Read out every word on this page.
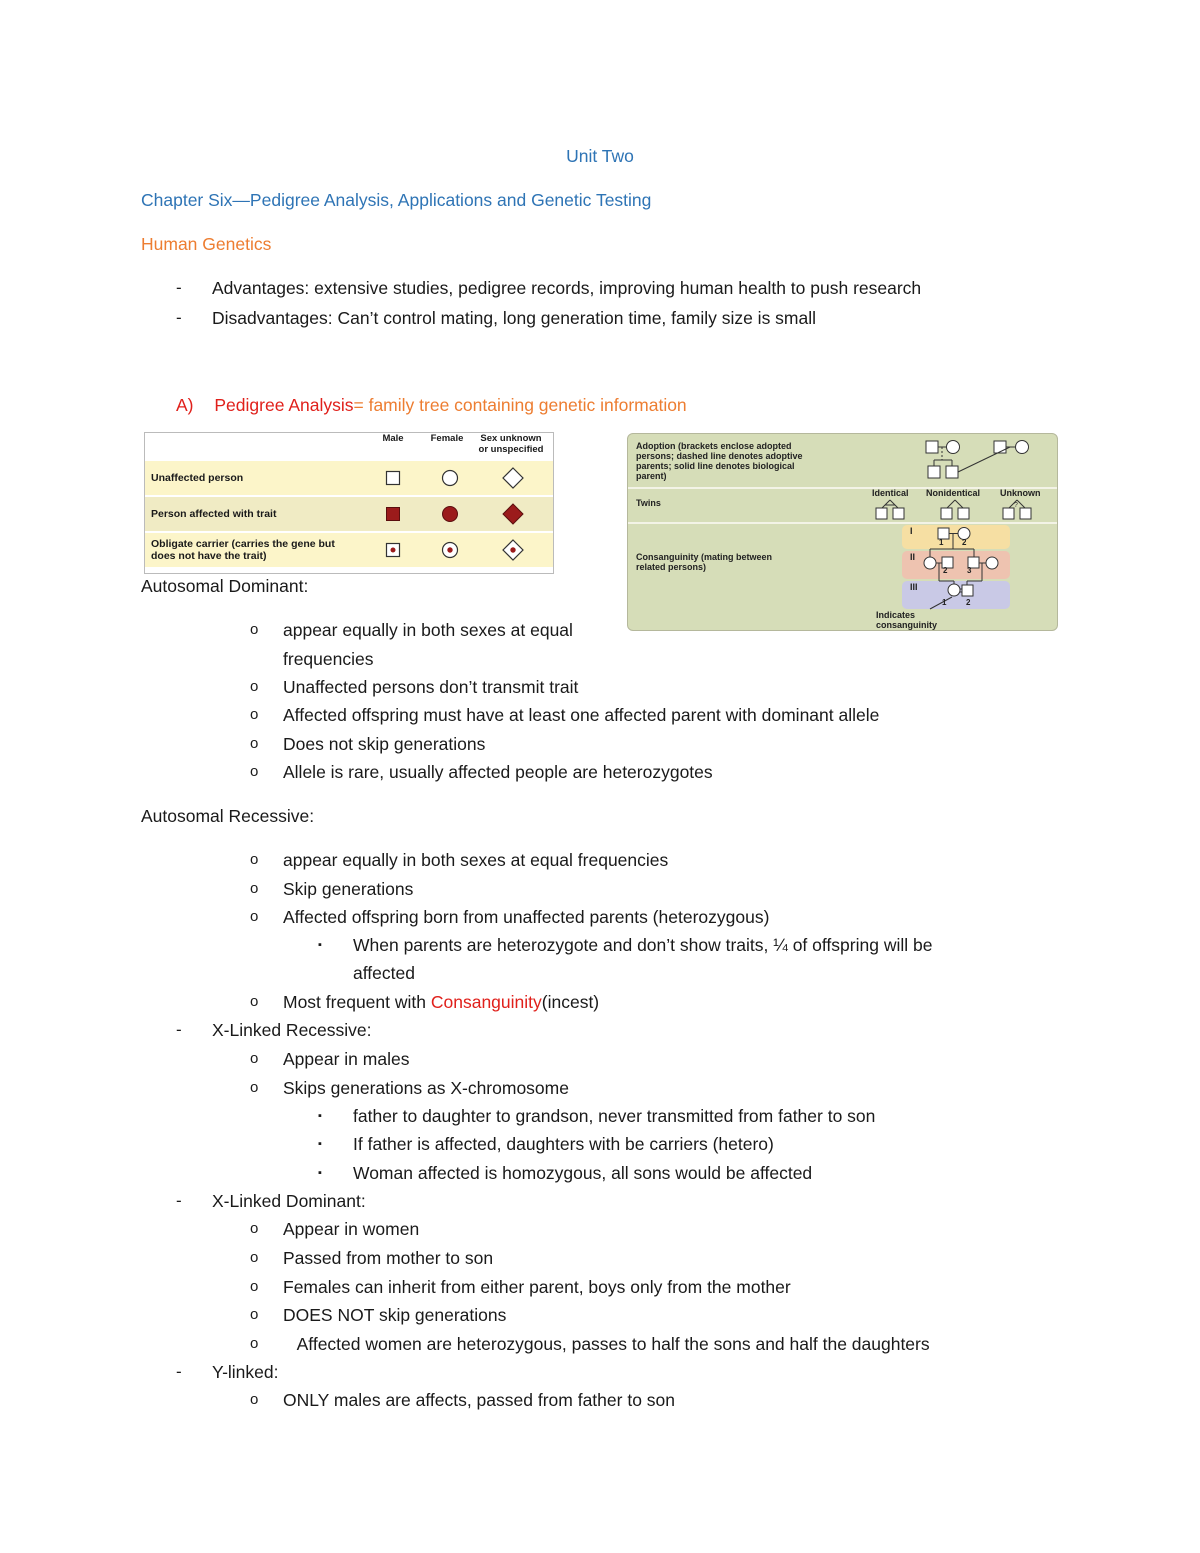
Unit Two
Chapter Six—Pedigree Analysis, Applications and Genetic Testing
Human Genetics
- Advantages: extensive studies, pedigree records, improving human health to push research
- Disadvantages: Can’t control mating, long generation time, family size is small
A) Pedigree Analysis= family tree containing genetic information
Male	Female	Sex unknown
or unspecified
Unaffected person
Person affected with trait
Obligate carrier (carries the gene but
does not have the trait)
Adoption (brackets enclose adopted
persons; dashed line denotes adoptive
parents; solid line denotes biological
parent)
Twins
Identical Nonidentical Unknown
?
Consanguinity (mating between
related persons)
I
II
III
1 2
2 3
1 2
Indicates
consanguinity
Autosomal Dominant:
o appear equally in both sexes at equal
frequencies
o Unaffected persons don’t transmit trait
o Affected offspring must have at least one affected parent with dominant allele
o Does not skip generations
o Allele is rare, usually affected people are heterozygotes
Autosomal Recessive:
o appear equally in both sexes at equal frequencies
o Skip generations
o Affected offspring born from unaffected parents (heterozygous)
▪ When parents are heterozygote and don’t show traits, ¼ of offspring will be
affected
o Most frequent with Consanguinity(incest)
- X-Linked Recessive:
o Appear in males
o Skips generations as X-chromosome
▪ father to daughter to grandson, never transmitted from father to son
▪ If father is affected, daughters with be carriers (hetero)
▪ Woman affected is homozygous, all sons would be affected
- X-Linked Dominant:
o Appear in women
o Passed from mother to son
o Females can inherit from either parent, boys only from the mother
o DOES NOT skip generations
o Affected women are heterozygous, passes to half the sons and half the daughters
- Y-linked:
o ONLY males are affects, passed from father to son
